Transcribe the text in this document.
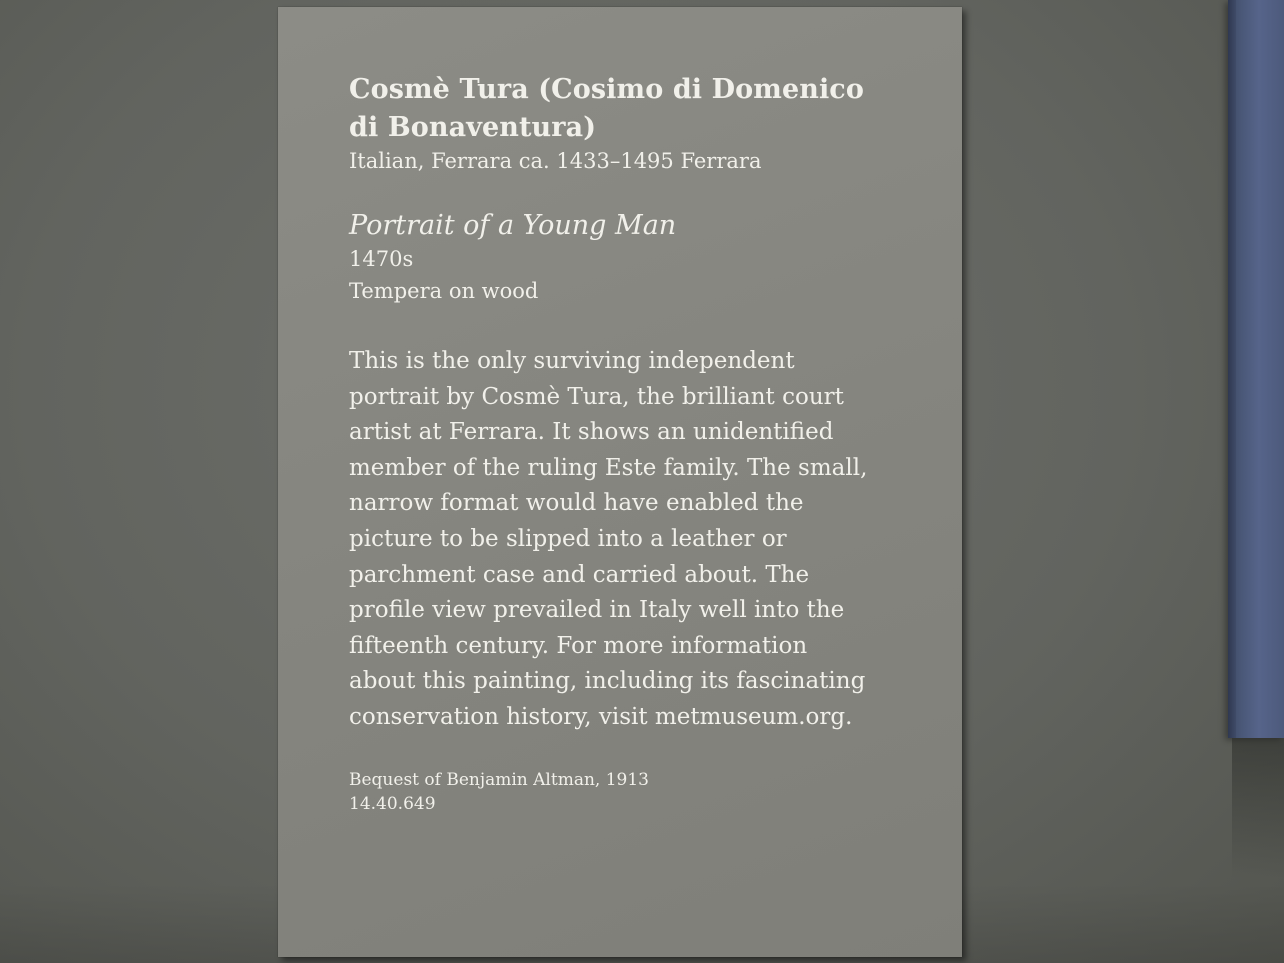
Cosmè Tura (Cosimo di Domenico di Bonaventura)

Italian, Ferrara ca. 1433–1495 Ferrara

Portrait of a Young Man

1470s

Tempera on wood

This is the only surviving independent portrait by Cosmè Tura, the brilliant court artist at Ferrara. It shows an unidentified member of the ruling Este family. The small, narrow format would have enabled the picture to be slipped into a leather or parchment case and carried about. The profile view prevailed in Italy well into the fifteenth century. For more information about this painting, including its fascinating conservation history, visit metmuseum.org.

Bequest of Benjamin Altman, 1913

14.40.649
